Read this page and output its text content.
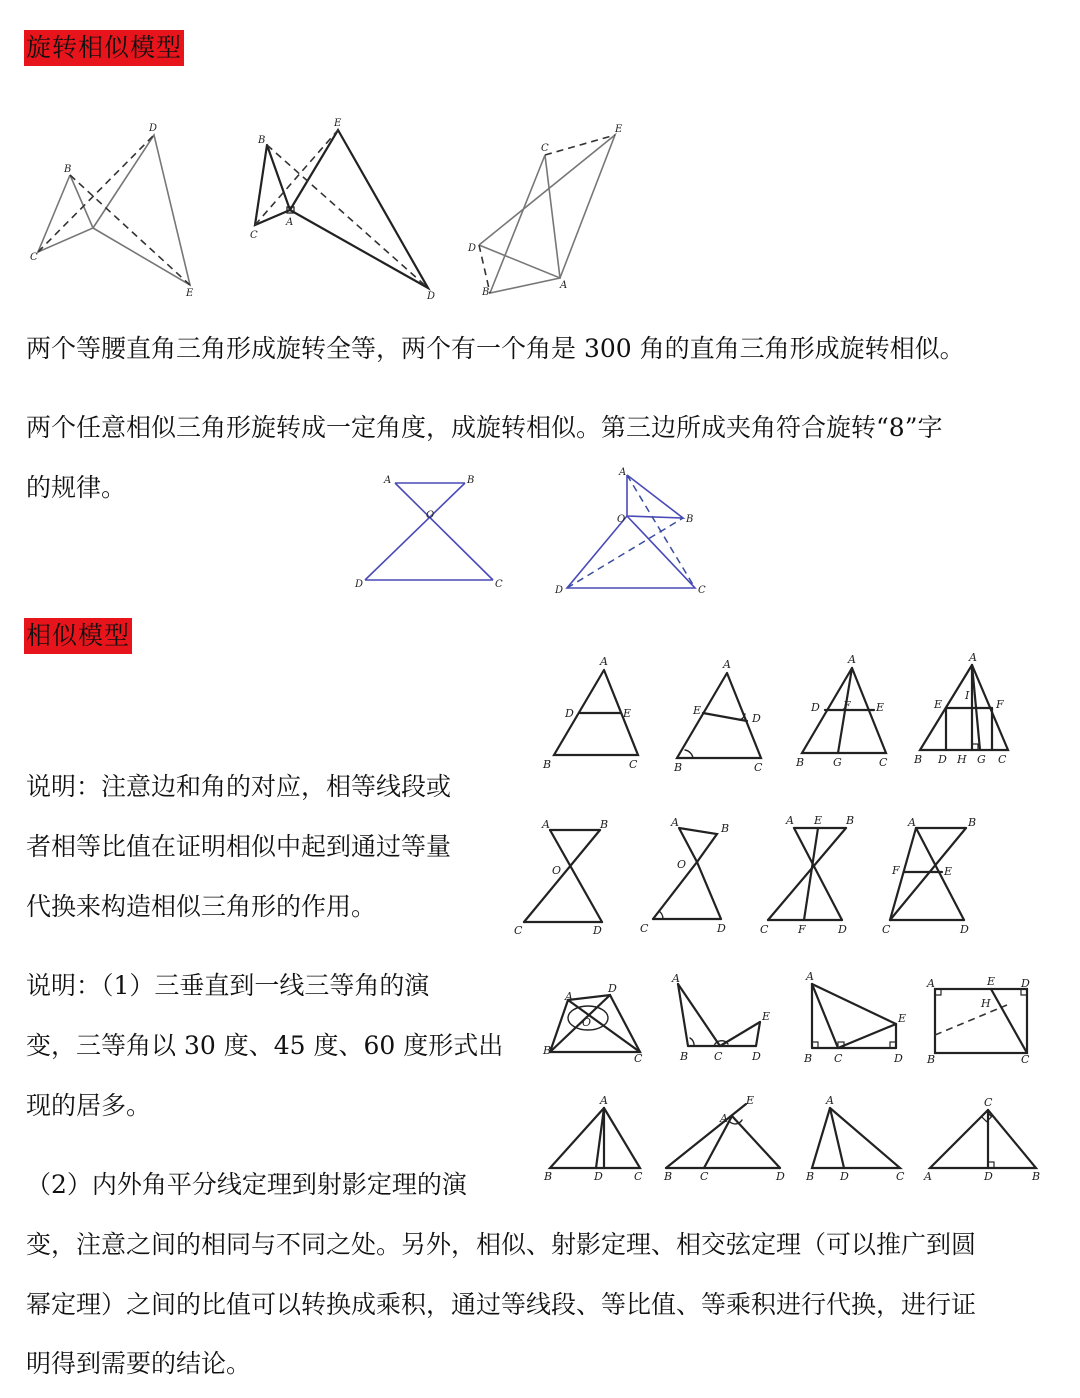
旋转相似模型
B
C
D
E
B
C
E
A
D
C
E
D
B
A

两个等腰直角三角形成旋转全等，两个有一个角是 300 角的直角三角形成旋转相似。

两个任意相似三角形旋转成一定角度，成旋转相似。第三边所成夹角符合旋转“8”字

的规律。	A	B
O
D	C
A
B
O
D	C
相似模型
A
D	E
B	C
A
E
D
B	C
A
D F E
B	G	C
A
E
I
F
B D H G C
A	B
O
C	D
A	B
O
C	D
A E B
C	F	D
A	B
F	E
C	D

说明：注意边和角的对应，相等线段或

者相等比值在证明相似中起到通过等量

代换来构造相似三角形的作用。

A
D
O
B
C
A
E
B C	D
A
E
B C	D
A	E D
H
B	C
A
B	D	C
A
E
B	C	D
A
B D	C
C
A	D	B

说明：（1）三垂直到一线三等角的演

变，三等角以 30 度、45 度、60 度形式出

现的居多。

（2）内外角平分线定理到射影定理的演

变，注意之间的相同与不同之处。另外，相似、射影定理、相交弦定理（可以推广到圆

幂定理）之间的比值可以转换成乘积，通过等线段、等比值、等乘积进行代换，进行证

明得到需要的结论。
